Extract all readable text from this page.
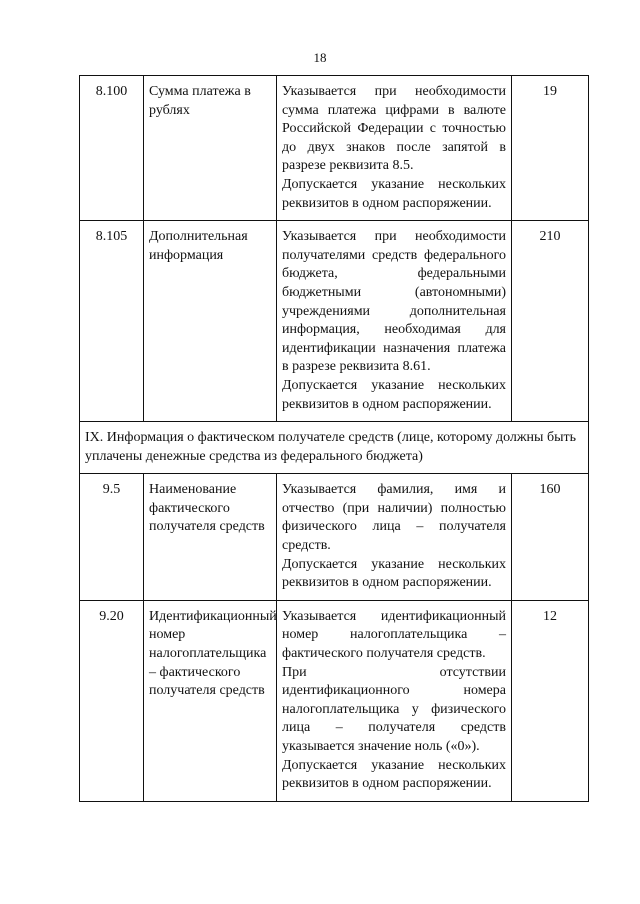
18
8.100	Сумма платежа в рублях	Указывается при необходимости сумма платежа цифрами в валюте Российской Федерации с точностью до двух знаков после запятой в разрезе реквизита 8.5.
Допускается указание нескольких реквизитов в одном распоряжении.	19
8.105	Дополнительная информация	Указывается при необходимости получателями средств федерального бюджета, федеральными бюджетными (автономными) учреждениями дополнительная информация, необходимая для идентификации назначения платежа в разрезе реквизита 8.61.
Допускается указание нескольких реквизитов в одном распоряжении.	210
IX. Информация о фактическом получателе средств (лице, которому должны быть уплачены денежные средства из федерального бюджета)			
9.5	Наименование фактического получателя средств	Указывается фамилия, имя и отчество (при наличии) полностью физического лица – получателя средств.
Допускается указание нескольких реквизитов в одном распоряжении.	160
9.20	Идентификационный номер налогоплательщика – фактического получателя средств	Указывается идентификационный номер налогоплательщика – фактического получателя средств.
При отсутствии идентификационного номера налогоплательщика у физического лица – получателя средств указывается значение ноль («0»).
Допускается указание нескольких реквизитов в одном распоряжении.	12
